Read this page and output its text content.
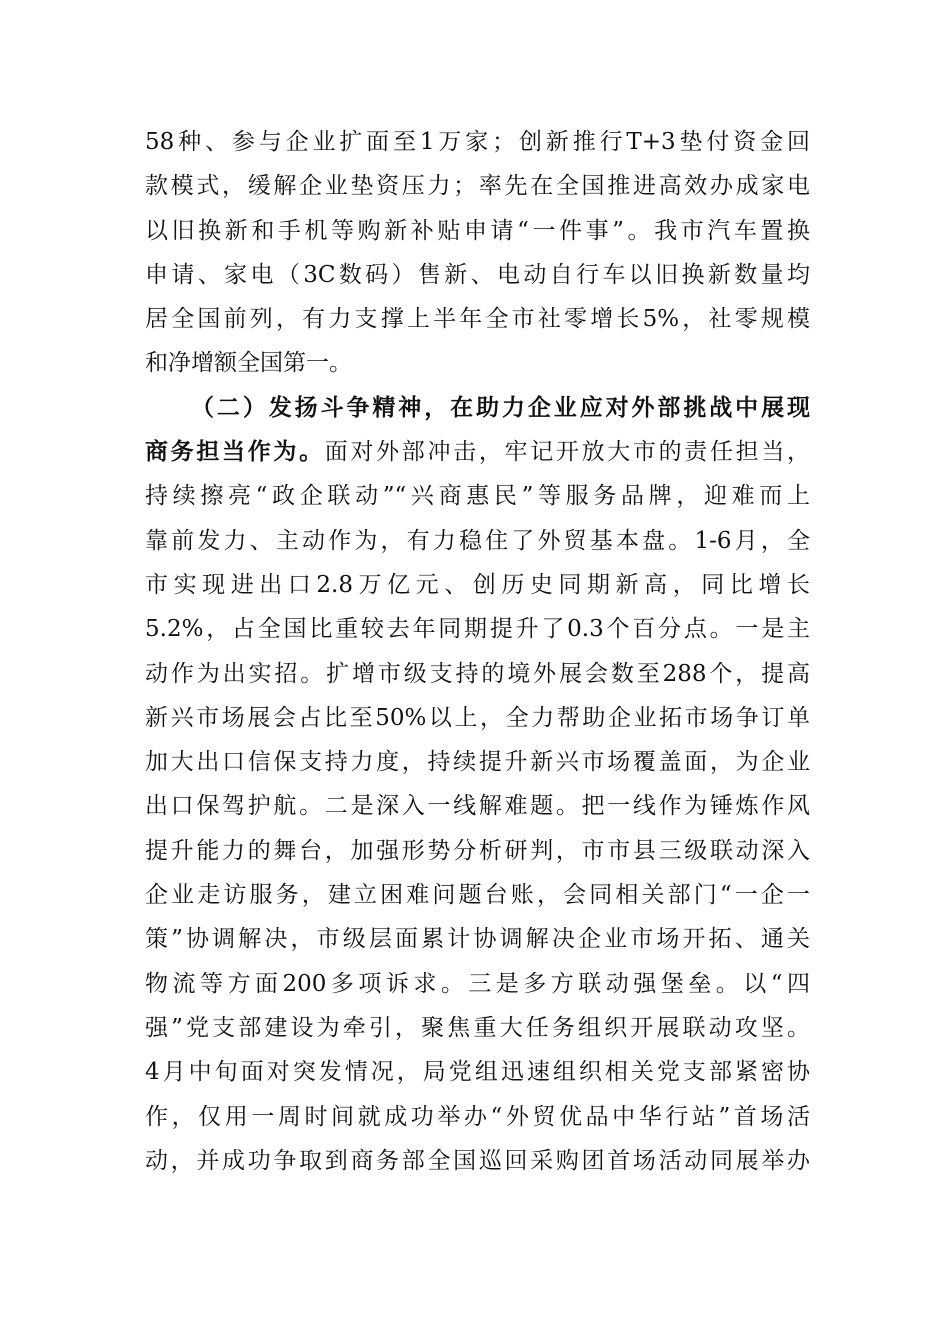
58种、参与企业扩面至1万家；创新推行T+3垫付资金回
款模式，缓解企业垫资压力；率先在全国推进高效办成家电
以旧换新和手机等购新补贴申请“一件事”。我市汽车置换
申请、家电（3C数码）售新、电动自行车以旧换新数量均
居全国前列，有力支撑上半年全市社零增长5%，社零规模
和净增额全国第一。
（二）发扬斗争精神，在助力企业应对外部挑战中展现
商务担当作为。面对外部冲击，牢记开放大市的责任担当，
持续擦亮“政企联动”“兴商惠民”等服务品牌，迎难而上
靠前发力、主动作为，有力稳住了外贸基本盘。1-6月，全
市实现进出口2.8万亿元、创历史同期新高，同比增长
5.2%，占全国比重较去年同期提升了0.3个百分点。一是主
动作为出实招。扩增市级支持的境外展会数至288个，提高
新兴市场展会占比至50%以上，全力帮助企业拓市场争订单
加大出口信保支持力度，持续提升新兴市场覆盖面，为企业
出口保驾护航。二是深入一线解难题。把一线作为锤炼作风
提升能力的舞台，加强形势分析研判，市市县三级联动深入
企业走访服务，建立困难问题台账，会同相关部门“一企一
策”协调解决，市级层面累计协调解决企业市场开拓、通关
物流等方面200多项诉求。三是多方联动强堡垒。以“四
强”党支部建设为牵引，聚焦重大任务组织开展联动攻坚。
4月中旬面对突发情况，局党组迅速组织相关党支部紧密协
作，仅用一周时间就成功举办“外贸优品中华行站”首场活
动，并成功争取到商务部全国巡回采购团首场活动同展举办
